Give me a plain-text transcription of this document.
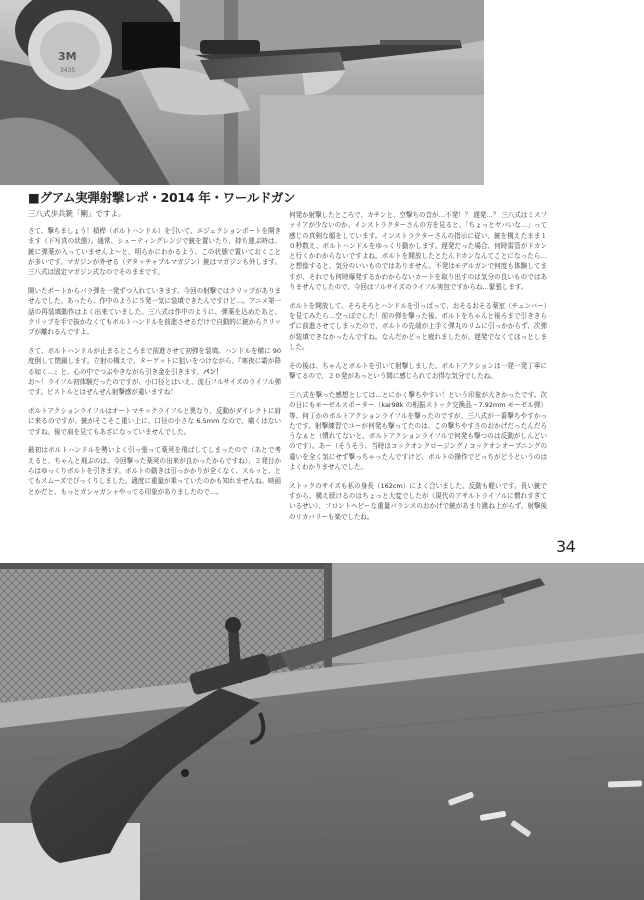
3M
3435
■グアム実弾射撃レポ・2014 年・ワールドガン
三八式歩兵銃「剛」ですよ。

さて、撃ちましょう！槓桿（ボルトハンドル）を引いて、エジェクションポートを開きます（下写真の状態）。通常、シューティングレンジで銃を置いたり、持ち運ぶ時は、銃に弾薬が入っていませんよ～と、明らかにわかるよう、この状態で置いておくことが多いです。マガジンが外せる（デタッチャブルマガジン）銃はマガジンも外します。三八式は固定マガジン式なのでそのままです。

開いたポートからバラ弾を一発ずつ入れていきます。今回の射撃ではクリップがありませんでした。あったら、作中のように５発一気に装填できたんですけど…。アニメ第一話の再装填動作はよく出来ていました。三八式は作中のように、弾薬を込めたあと、クリップを手で抜かなくてもボルトハンドルを前進させるだけで自動的に銃からクリップが離れるんですよ。

さて、ボルトハンドルが止まるところまで前進させて初弾を装填。ハンドルを横に 90 度倒して閉鎖します。立射の構えで、ターゲットに狙いをつけながら、『寒夜に霜が降る如く…』と、心の中でつぶやきながら引き金を引きます。パン！

お～！ライフル初体験だったのですが、小口径とはいえ、流石フルサイズのライフル弾です。ピストルとはぜんぜん射撃感が違いますね！

ボルトアクションライフルはオートマチックライフルと異なり、反動がダイレクトに肩に来るのですが、銃がそこそこ重い上に、口径の小さな 6.5mm なので、痛くはないですね。後で肩を見てもあざになっていませんでした。

最初はボルトハンドルを勢いよく引っ張って薬莢を飛ばしてしまったので（あとで考えると、ちゃんと飛ぶのは、今回撃った薬莢の出来が良かったからですね）、２発目からはゆっくりボルトを引きます。ボルトの動きは引っかかりが全くなく、スルッと、とてもスムーズでびっくりしました。適度に重量が乗っていたのかも知れませんね。映画とかだと、もっとガシャガシャやってる印象がありましたので…。

何発か射撃したところで、カチンと、空撃ちの音が…不発！？ 遅発…？ 三八式はミスファイアが少ないのか、インストラクターさんの方を見ると、「ちょっとヤバいな…」って感じの真剣な顔をしています。インストラクターさんの指示に従い、銃を構えたまま１０秒数え、ボルトハンドルをゆっくり動かします。遅発だった場合、何時雷管がドカンと行くかわからないですよね。ボルトを開放したとたんドカンなんてことになったら…と想像すると、気分のいいものではありません。不発はモデルガンで何度も体験してますが、それでも何時爆発するかわからないカートを取り出すのは気分の良いものではありませんでしたので、今回はフルサイズのライフル実包ですからね…緊張します。

ボルトを開放して、そろそろとハンドルを引っぱって、おそるおそる薬室（チェンバー）を見てみたら…空っぽでした！前の弾を撃った後、ボルトをちゃんと後ろまで引ききらずに前進させてしまったので、ボルトの先端が上手く弾丸のリムに引っかからず、次弾が装填できなかったんですね。なんだかどっと疲れましたが、遅発でなくてほっとしました。

その後は、ちゃんとボルトを引いて射撃しました。ボルトアクションは一発一発丁寧に撃てるので、２０発があっという間に感じられてお得な気分でしたね。

三八式を撃った感想としては…とにかく撃ちやすい！という印象が大きかったです。次の日にもモーゼルスポーター（kar98k の相振ストック交換品・7.92mm モーゼル弾）等、何丁かのボルトアクションライフルを撃ったのですが、三八式が一番撃ちやすかったです。射撃練習でユーが何発も撃ってたのは、この撃ちやすさのおかげだったんだろうなぁと（慣れてないと、ボルトアクションライフルで何発も撃つのは反動がしんどいのです）。あー（そうそう、当時はコックオンクロージング / コックオンオープニングの違いを全く気にせず撃っちゃったんですけど、ボルトの操作でどっちがどうというのはよくわかりませんでした。

ストックのサイズも私の身長（162cm）によく合いました。反動も軽いです。長い銃ですから、構え続けるのはちょっと大変でしたが（現代のアサルトライフルに慣れすぎているせい）、フロントヘビーな重量バランスのおかげで銃があまり跳ね上がらず、射撃後のリカバリーも楽でしたね。

34
